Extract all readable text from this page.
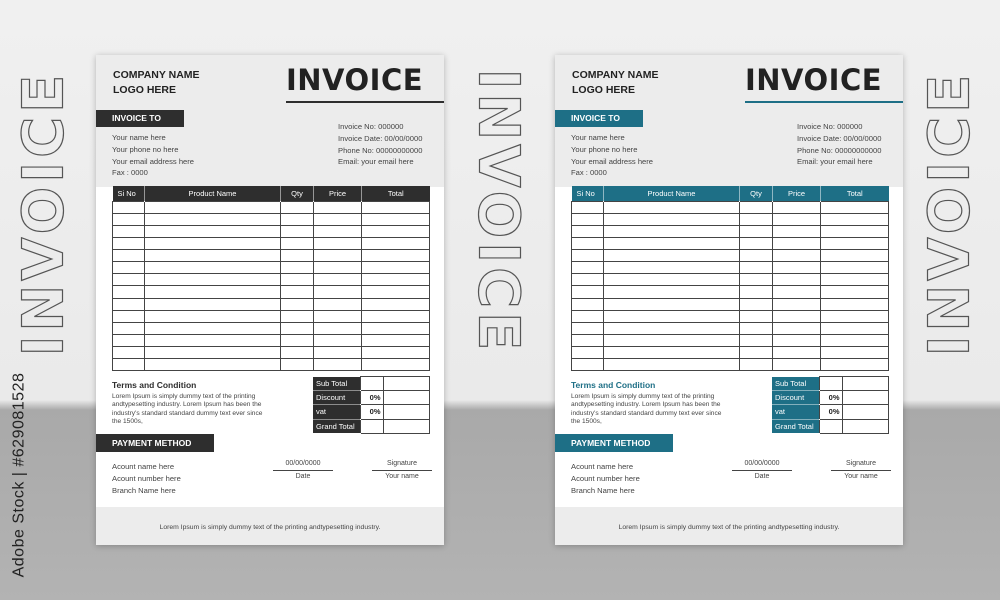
Adobe Stock | #629081528
INVOICE	INVOICE	INVOICE
COMPANY NAME
LOGO HERE	INVOICE
INVOICE TO
Your name here
Your phone no here
Your email address here
Fax : 0000
Invoice No: 000000
Invoice Date: 00/00/0000
Phone No: 00000000000
Email: your email here
Si No	Product Name	Qty	Price	Total

Terms and Condition
Lorem Ipsum is simply dummy text of the printing andtypesetting industry. Lorem Ipsum has been the industry's standard standard dummy text ever since the 1500s,
Sub Total		
Discount	0%	
vat	0%	
Grand Total		
PAYMENT METHOD
Acount name here
Acount number here
Branch Name here
00/00/0000
Date
Signature
Your name
Lorem Ipsum is simply dummy text of the printing andtypesetting industry.
COMPANY NAME
LOGO HERE	INVOICE
INVOICE TO
Your name here
Your phone no here
Your email address here
Fax : 0000
Invoice No: 000000
Invoice Date: 00/00/0000
Phone No: 00000000000
Email: your email here
Si No	Product Name	Qty	Price	Total

Terms and Condition
Lorem Ipsum is simply dummy text of the printing andtypesetting industry. Lorem Ipsum has been the industry's standard standard dummy text ever since the 1500s,
Sub Total		
Discount	0%	
vat	0%	
Grand Total		
PAYMENT METHOD
Acount name here
Acount number here
Branch Name here
00/00/0000
Date
Signature
Your name
Lorem Ipsum is simply dummy text of the printing andtypesetting industry.
